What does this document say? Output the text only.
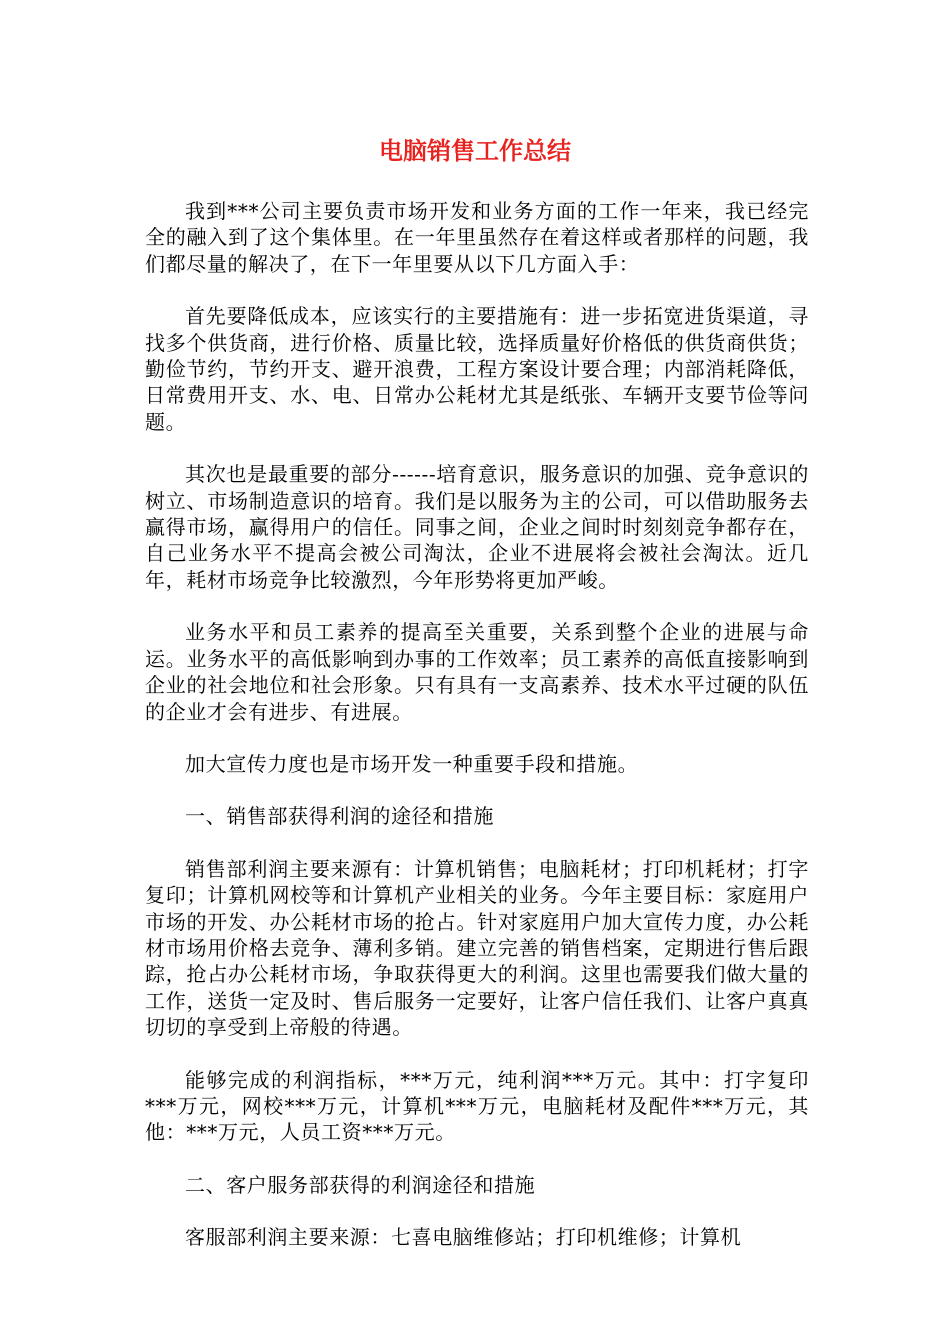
电脑销售工作总结

我到***公司主要负责市场开发和业务方面的工作一年来，我已经完全的融入到了这个集体里。在一年里虽然存在着这样或者那样的问题，我们都尽量的解决了，在下一年里要从以下几方面入手：

首先要降低成本，应该实行的主要措施有：进一步拓宽进货渠道，寻找多个供货商，进行价格、质量比较，选择质量好价格低的供货商供货；勤俭节约，节约开支、避开浪费，工程方案设计要合理；内部消耗降低，日常费用开支、水、电、日常办公耗材尤其是纸张、车辆开支要节俭等问题。

其次也是最重要的部分------培育意识，服务意识的加强、竞争意识的树立、市场制造意识的培育。我们是以服务为主的公司，可以借助服务去赢得市场，赢得用户的信任。同事之间，企业之间时时刻刻竞争都存在，自己业务水平不提高会被公司淘汰，企业不进展将会被社会淘汰。近几年，耗材市场竞争比较激烈，今年形势将更加严峻。

业务水平和员工素养的提高至关重要，关系到整个企业的进展与命运。业务水平的高低影响到办事的工作效率；员工素养的高低直接影响到企业的社会地位和社会形象。只有具有一支高素养、技术水平过硬的队伍的企业才会有进步、有进展。

加大宣传力度也是市场开发一种重要手段和措施。

一、销售部获得利润的途径和措施

销售部利润主要来源有：计算机销售；电脑耗材；打印机耗材；打字复印；计算机网校等和计算机产业相关的业务。今年主要目标：家庭用户市场的开发、办公耗材市场的抢占。针对家庭用户加大宣传力度，办公耗材市场用价格去竞争、薄利多销。建立完善的销售档案，定期进行售后跟踪，抢占办公耗材市场，争取获得更大的利润。这里也需要我们做大量的工作，送货一定及时、售后服务一定要好，让客户信任我们、让客户真真切切的享受到上帝般的待遇。

能够完成的利润指标，***万元，纯利润***万元。其中：打字复印***万元，网校***万元，计算机***万元，电脑耗材及配件***万元，其他：***万元，人员工资***万元。

二、客户服务部获得的利润途径和措施

客服部利润主要来源：七喜电脑维修站；打印机维修；计算机
